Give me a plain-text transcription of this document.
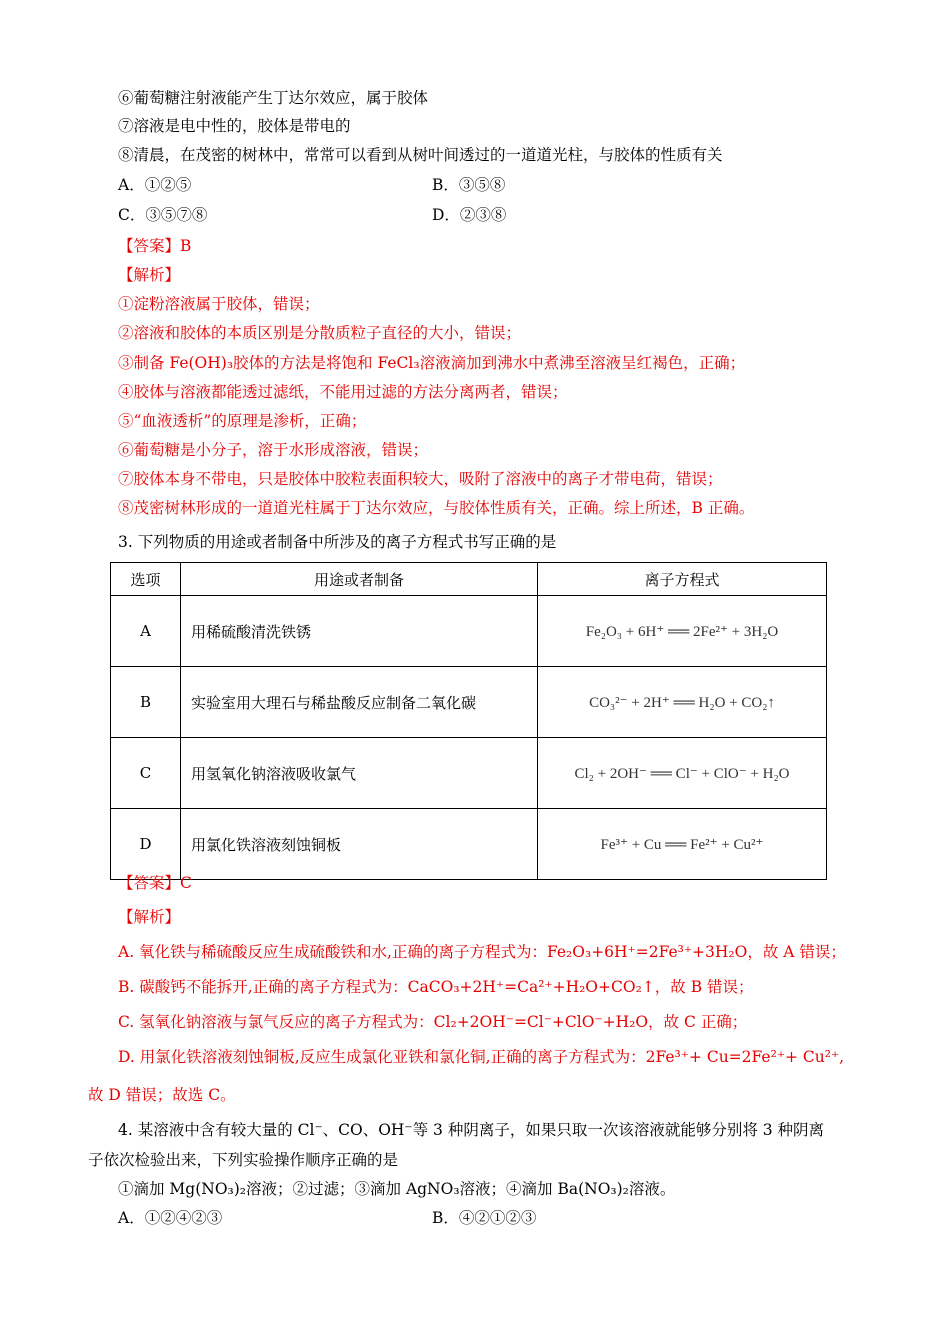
⑥葡萄糖注射液能产生丁达尔效应，属于胶体
⑦溶液是电中性的，胶体是带电的
⑧清晨，在茂密的树林中，常常可以看到从树叶间透过的一道道光柱，与胶体的性质有关
A．①②⑤	B．③⑤⑧
C．③⑤⑦⑧	D．②③⑧
【答案】B
【解析】
①淀粉溶液属于胶体，错误；
②溶液和胶体的本质区别是分散质粒子直径的大小，错误；
③制备 Fe(OH)₃胶体的方法是将饱和 FeCl₃溶液滴加到沸水中煮沸至溶液呈红褐色，正确；
④胶体与溶液都能透过滤纸，不能用过滤的方法分离两者，错误；
⑤“血液透析”的原理是渗析，正确；
⑥葡萄糖是小分子，溶于水形成溶液，错误；
⑦胶体本身不带电，只是胶体中胶粒表面积较大，吸附了溶液中的离子才带电荷，错误；
⑧茂密树林形成的一道道光柱属于丁达尔效应，与胶体性质有关，正确。综上所述，B 正确。
3. 下列物质的用途或者制备中所涉及的离子方程式书写正确的是
选项	用途或者制备	离子方程式
A	用稀硫酸清洗铁锈	Fe₂O₃ + 6H⁺ ══ 2Fe²⁺ + 3H₂O
B	实验室用大理石与稀盐酸反应制备二氧化碳	CO₃²⁻ + 2H⁺ ══ H₂O + CO₂↑
C	用氢氧化钠溶液吸收氯气	Cl₂ + 2OH⁻ ══ Cl⁻ + ClO⁻ + H₂O
D	用氯化铁溶液刻蚀铜板	Fe³⁺ + Cu ══ Fe²⁺ + Cu²⁺
【答案】C
【解析】
A. 氧化铁与稀硫酸反应生成硫酸铁和水,正确的离子方程式为：Fe₂O₃+6H⁺=2Fe³⁺+3H₂O，故 A 错误；
B. 碳酸钙不能拆开,正确的离子方程式为：CaCO₃+2H⁺=Ca²⁺+H₂O+CO₂↑，故 B 错误；
C. 氢氧化钠溶液与氯气反应的离子方程式为：Cl₂+2OH⁻=Cl⁻+ClO⁻+H₂O，故 C 正确；
D. 用氯化铁溶液刻蚀铜板,反应生成氯化亚铁和氯化铜,正确的离子方程式为：2Fe³⁺+ Cu=2Fe²⁺+ Cu²⁺,
故 D 错误；故选 C。
4. 某溶液中含有较大量的 Cl⁻、CO、OH⁻等 3 种阴离子，如果只取一次该溶液就能够分别将 3 种阴离
子依次检验出来，下列实验操作顺序正确的是
①滴加 Mg(NO₃)₂溶液；②过滤；③滴加 AgNO₃溶液；④滴加 Ba(NO₃)₂溶液。
A．①②④②③	B．④②①②③
